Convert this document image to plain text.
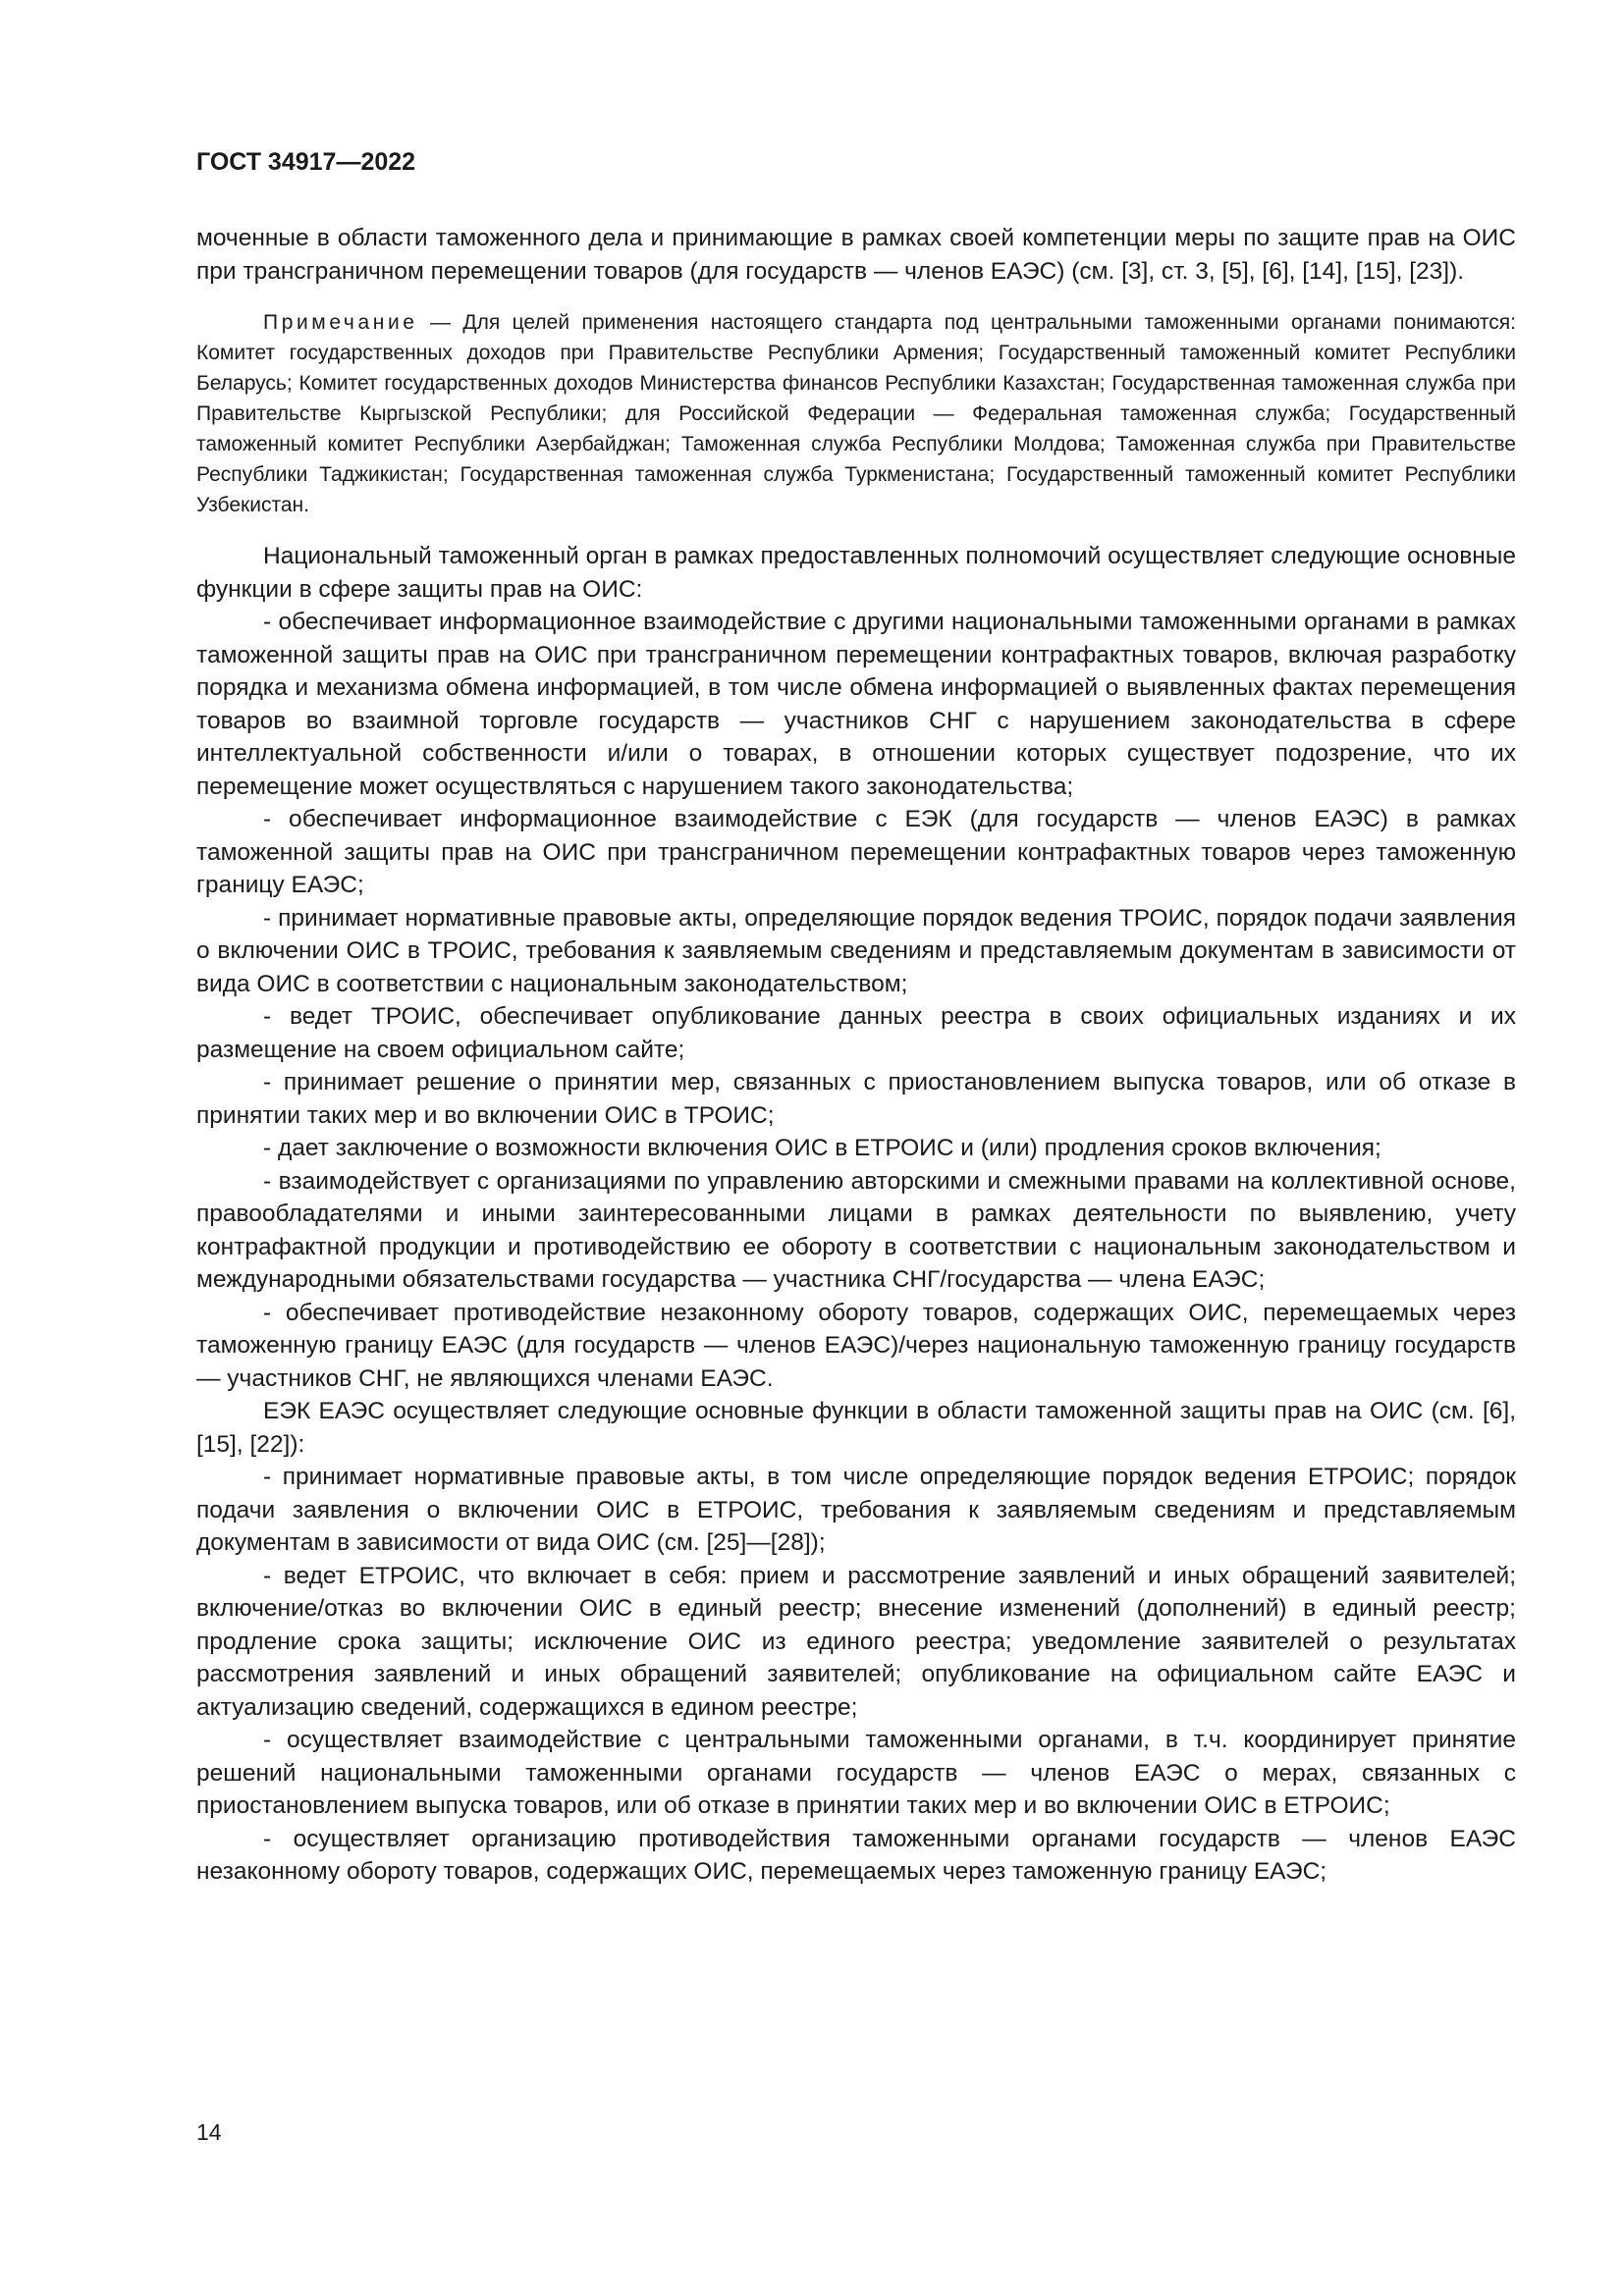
ГОСТ 34917—2022

моченные в области таможенного дела и принимающие в рамках своей компетенции меры по защите прав на ОИС при трансграничном перемещении товаров (для государств — членов ЕАЭС) (см. [3], ст. 3, [5], [6], [14], [15], [23]).

Примечание — Для целей применения настоящего стандарта под центральными таможенными органами понимаются: Комитет государственных доходов при Правительстве Республики Армения; Государственный таможенный комитет Республики Беларусь; Комитет государственных доходов Министерства финансов Республики Казахстан; Государственная таможенная служба при Правительстве Кыргызской Республики; для Российской Федерации — Федеральная таможенная служба; Государственный таможенный комитет Республики Азербайджан; Таможенная служба Республики Молдова; Таможенная служба при Правительстве Республики Таджикистан; Государственная таможенная служба Туркменистана; Государственный таможенный комитет Республики Узбекистан.

Национальный таможенный орган в рамках предоставленных полномочий осуществляет следующие основные функции в сфере защиты прав на ОИС:

- обеспечивает информационное взаимодействие с другими национальными таможенными органами в рамках таможенной защиты прав на ОИС при трансграничном перемещении контрафактных товаров, включая разработку порядка и механизма обмена информацией, в том числе обмена информацией о выявленных фактах перемещения товаров во взаимной торговле государств — участников СНГ с нарушением законодательства в сфере интеллектуальной собственности и/или о товарах, в отношении которых существует подозрение, что их перемещение может осуществляться с нарушением такого законодательства;

- обеспечивает информационное взаимодействие с ЕЭК (для государств — членов ЕАЭС) в рамках таможенной защиты прав на ОИС при трансграничном перемещении контрафактных товаров через таможенную границу ЕАЭС;

- принимает нормативные правовые акты, определяющие порядок ведения ТРОИС, порядок подачи заявления о включении ОИС в ТРОИС, требования к заявляемым сведениям и представляемым документам в зависимости от вида ОИС в соответствии с национальным законодательством;

- ведет ТРОИС, обеспечивает опубликование данных реестра в своих официальных изданиях и их размещение на своем официальном сайте;

- принимает решение о принятии мер, связанных с приостановлением выпуска товаров, или об отказе в принятии таких мер и во включении ОИС в ТРОИС;

- дает заключение о возможности включения ОИС в ЕТРОИС и (или) продления сроков включения;

- взаимодействует с организациями по управлению авторскими и смежными правами на коллективной основе, правообладателями и иными заинтересованными лицами в рамках деятельности по выявлению, учету контрафактной продукции и противодействию ее обороту в соответствии с национальным законодательством и международными обязательствами государства — участника СНГ/государства — члена ЕАЭС;

- обеспечивает противодействие незаконному обороту товаров, содержащих ОИС, перемещаемых через таможенную границу ЕАЭС (для государств — членов ЕАЭС)/через национальную таможенную границу государств — участников СНГ, не являющихся членами ЕАЭС.

ЕЭК ЕАЭС осуществляет следующие основные функции в области таможенной защиты прав на ОИС (см. [6], [15], [22]):

- принимает нормативные правовые акты, в том числе определяющие порядок ведения ЕТРОИС; порядок подачи заявления о включении ОИС в ЕТРОИС, требования к заявляемым сведениям и представляемым документам в зависимости от вида ОИС (см. [25]—[28]);

- ведет ЕТРОИС, что включает в себя: прием и рассмотрение заявлений и иных обращений заявителей; включение/отказ во включении ОИС в единый реестр; внесение изменений (дополнений) в единый реестр; продление срока защиты; исключение ОИС из единого реестра; уведомление заявителей о результатах рассмотрения заявлений и иных обращений заявителей; опубликование на официальном сайте ЕАЭС и актуализацию сведений, содержащихся в едином реестре;

- осуществляет взаимодействие с центральными таможенными органами, в т.ч. координирует принятие решений национальными таможенными органами государств — членов ЕАЭС о мерах, связанных с приостановлением выпуска товаров, или об отказе в принятии таких мер и во включении ОИС в ЕТРОИС;

- осуществляет организацию противодействия таможенными органами государств — членов ЕАЭС незаконному обороту товаров, содержащих ОИС, перемещаемых через таможенную границу ЕАЭС;

14
